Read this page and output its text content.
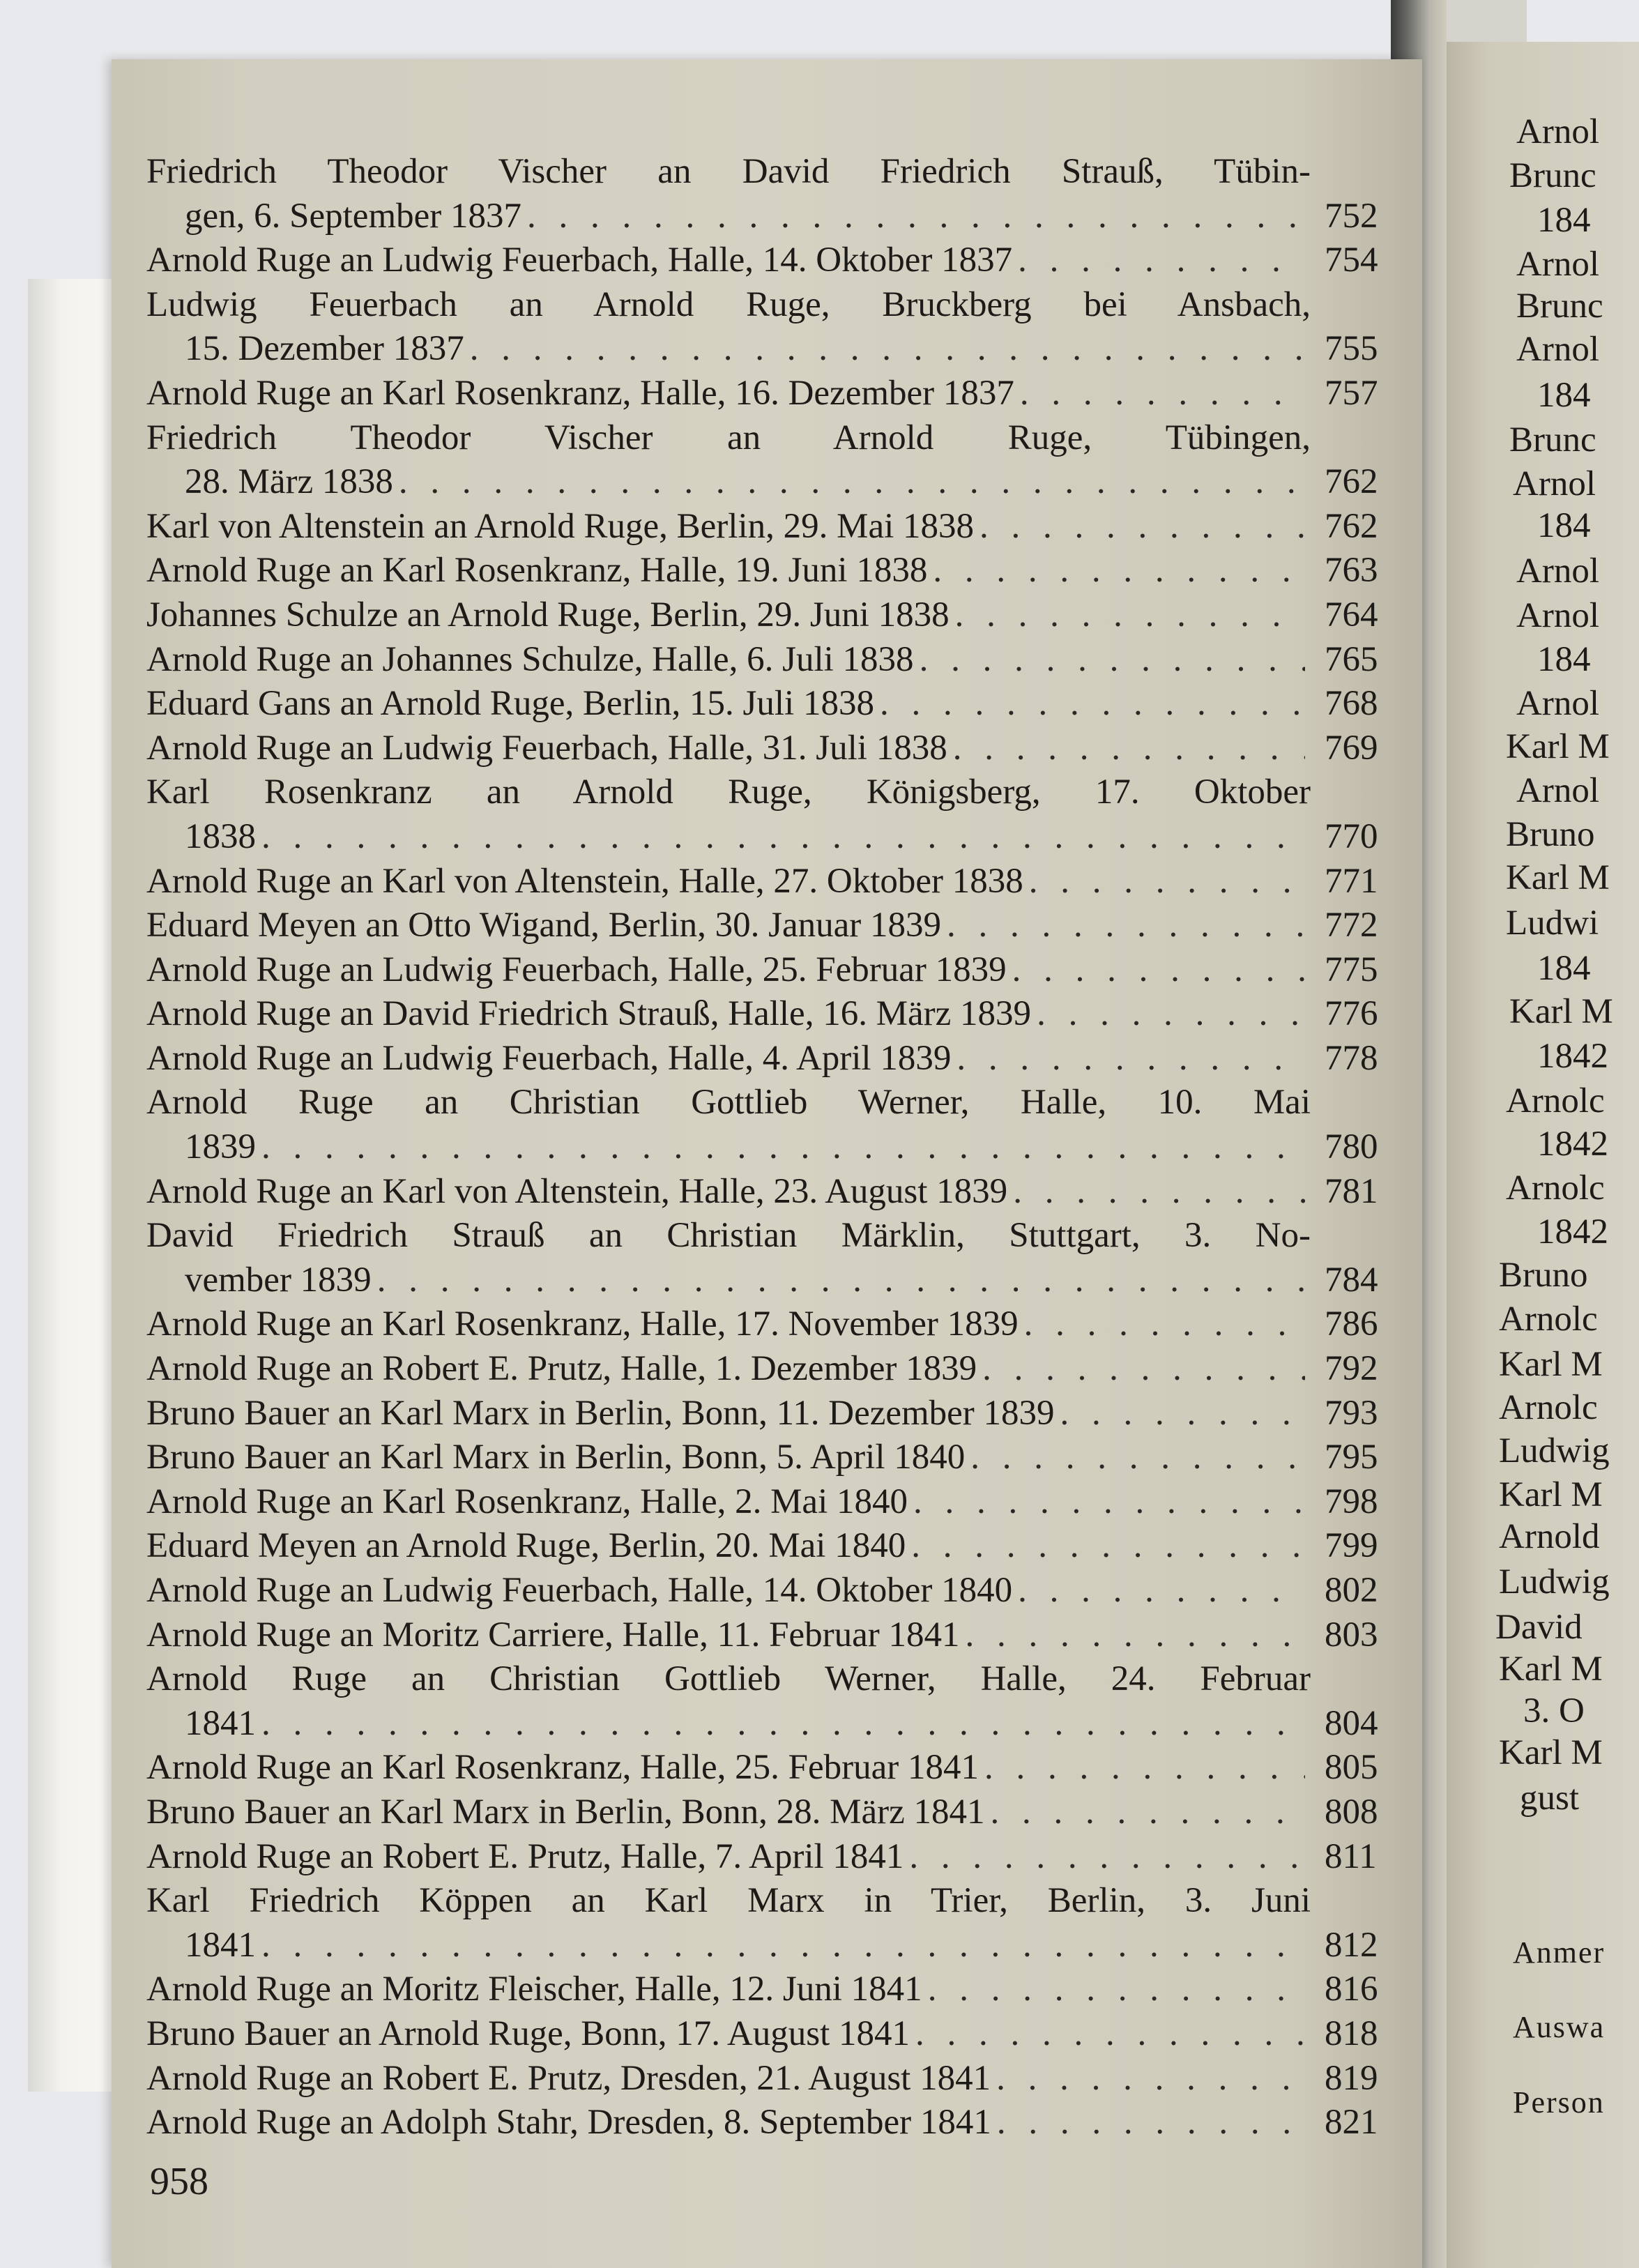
Friedrich Theodor Vischer an David Friedrich Strauß, Tübin-
gen, 6. September 1837 . . .	752
Arnold Ruge an Ludwig Feuerbach, Halle, 14. Oktober 1837 . . .	754
Ludwig Feuerbach an Arnold Ruge, Bruckberg bei Ansbach,
15. Dezember 1837 . . .	755
Arnold Ruge an Karl Rosenkranz, Halle, 16. Dezember 1837 . . .	757
Friedrich Theodor Vischer an Arnold Ruge, Tübingen,
28. März 1838 . . .	762
Karl von Altenstein an Arnold Ruge, Berlin, 29. Mai 1838 . . .	762
Arnold Ruge an Karl Rosenkranz, Halle, 19. Juni 1838 . . .	763
Johannes Schulze an Arnold Ruge, Berlin, 29. Juni 1838 . . .	764
Arnold Ruge an Johannes Schulze, Halle, 6. Juli 1838 . . .	765
Eduard Gans an Arnold Ruge, Berlin, 15. Juli 1838 . . .	768
Arnold Ruge an Ludwig Feuerbach, Halle, 31. Juli 1838 . . .	769
Karl Rosenkranz an Arnold Ruge, Königsberg, 17. Oktober
1838 . . .	770
Arnold Ruge an Karl von Altenstein, Halle, 27. Oktober 1838 . . .	771
Eduard Meyen an Otto Wigand, Berlin, 30. Januar 1839 . . .	772
Arnold Ruge an Ludwig Feuerbach, Halle, 25. Februar 1839 . . .	775
Arnold Ruge an David Friedrich Strauß, Halle, 16. März 1839 . . .	776
Arnold Ruge an Ludwig Feuerbach, Halle, 4. April 1839 . . .	778
Arnold Ruge an Christian Gottlieb Werner, Halle, 10. Mai
1839 . . .	780
Arnold Ruge an Karl von Altenstein, Halle, 23. August 1839 . . .	781
David Friedrich Strauß an Christian Märklin, Stuttgart, 3. No-
vember 1839 . . .	784
Arnold Ruge an Karl Rosenkranz, Halle, 17. November 1839 . . .	786
Arnold Ruge an Robert E. Prutz, Halle, 1. Dezember 1839 . . .	792
Bruno Bauer an Karl Marx in Berlin, Bonn, 11. Dezember 1839 . . .	793
Bruno Bauer an Karl Marx in Berlin, Bonn, 5. April 1840 . . .	795
Arnold Ruge an Karl Rosenkranz, Halle, 2. Mai 1840 . . .	798
Eduard Meyen an Arnold Ruge, Berlin, 20. Mai 1840 . . .	799
Arnold Ruge an Ludwig Feuerbach, Halle, 14. Oktober 1840 . . .	802
Arnold Ruge an Moritz Carriere, Halle, 11. Februar 1841 . . .	803
Arnold Ruge an Christian Gottlieb Werner, Halle, 24. Februar
1841 . . .	804
Arnold Ruge an Karl Rosenkranz, Halle, 25. Februar 1841 . . .	805
Bruno Bauer an Karl Marx in Berlin, Bonn, 28. März 1841 . . .	808
Arnold Ruge an Robert E. Prutz, Halle, 7. April 1841 . . .	811
Karl Friedrich Köppen an Karl Marx in Trier, Berlin, 3. Juni
1841 . . .	812
Arnold Ruge an Moritz Fleischer, Halle, 12. Juni 1841 . . .	816
Bruno Bauer an Arnold Ruge, Bonn, 17. August 1841 . . .	818
Arnold Ruge an Robert E. Prutz, Dresden, 21. August 1841 . . .	819
Arnold Ruge an Adolph Stahr, Dresden, 8. September 1841 . . .	821
958
Arnol
Brunc
184
Arnol
Brunc
Arnol
184
Brunc
Arnol
184
Arnol
Arnol
184
Arnol
Karl M
Arnol
Bruno
Karl M
Ludwi
184
Karl M
1842
Arnolc
1842
Arnolc
1842
Bruno
Arnolc
Karl M
Arnolc
Ludwig
Karl M
Arnold
Ludwig
David
Karl M
3. O
Karl M
gust
Anmer
Auswa
Person
